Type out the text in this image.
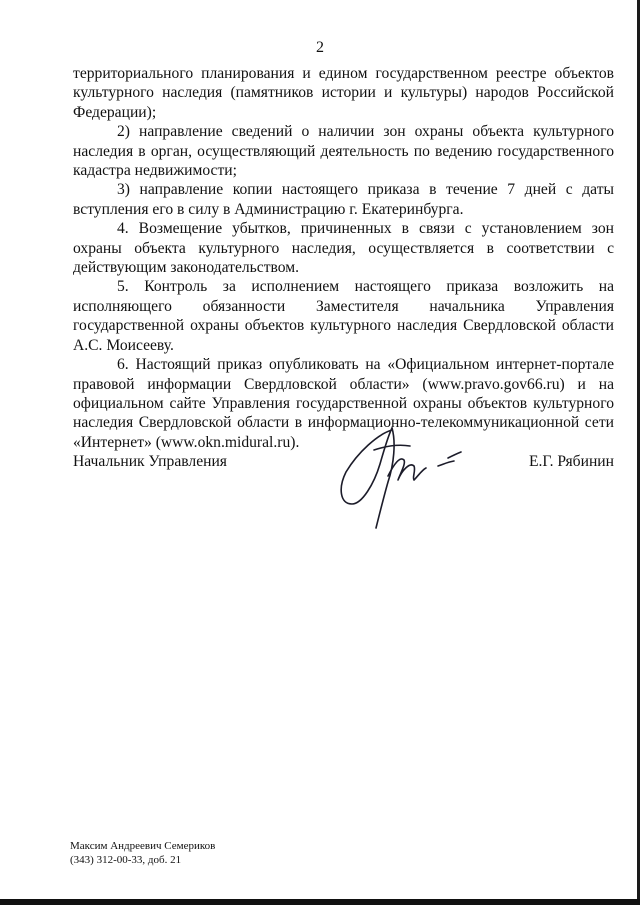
2

территориального планирования и едином государственном реестре объектов культурного наследия (памятников истории и культуры) народов Российской Федерации);

2) направление сведений о наличии зон охраны объекта культурного наследия в орган, осуществляющий деятельность по ведению государственного кадастра недвижимости;

3) направление копии настоящего приказа в течение 7 дней с даты вступления его в силу в Администрацию г. Екатеринбурга.

4. Возмещение убытков, причиненных в связи с установлением зон охраны объекта культурного наследия, осуществляется в соответствии с действующим законодательством.

5. Контроль за исполнением настоящего приказа возложить на исполняющего обязанности Заместителя начальника Управления государственной охраны объектов культурного наследия Свердловской области А.С. Моисееву.

6. Настоящий приказ опубликовать на «Официальном интернет-портале правовой информации Свердловской области» (www.pravo.gov66.ru) и на официальном сайте Управления государственной охраны объектов культурного наследия Свердловской области в информационно-телекоммуникационной сети «Интернет» (www.okn.midural.ru).

Начальник Управления	Е.Г. Рябинин
Максим Андреевич Семериков
(343) 312-00-33, доб. 21
